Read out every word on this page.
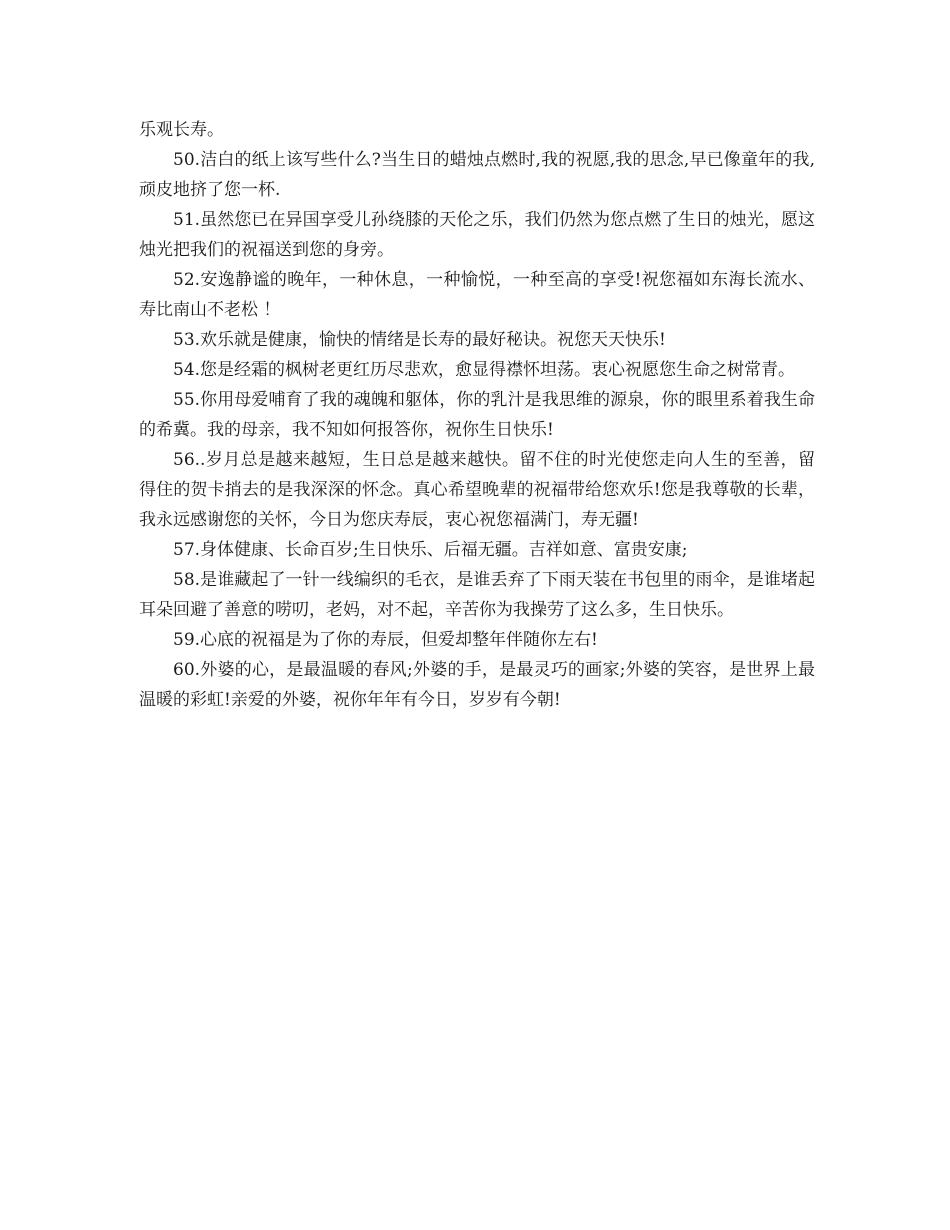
乐观长寿。

50.洁白的纸上该写些什么?当生日的蜡烛点燃时,我的祝愿,我的思念,早已像童年的我,顽皮地挤了您一杯.

51.虽然您已在异国享受儿孙绕膝的天伦之乐，我们仍然为您点燃了生日的烛光，愿这烛光把我们的祝福送到您的身旁。

52.安逸静谧的晚年，一种休息，一种愉悦，一种至高的享受!祝您福如东海长流水、寿比南山不老松 ！

53.欢乐就是健康，愉快的情绪是长寿的最好秘诀。祝您天天快乐!

54.您是经霜的枫树老更红历尽悲欢，愈显得襟怀坦荡。衷心祝愿您生命之树常青。

55.你用母爱哺育了我的魂魄和躯体，你的乳汁是我思维的源泉，你的眼里系着我生命的希冀。我的母亲，我不知如何报答你，祝你生日快乐!

56..岁月总是越来越短，生日总是越来越快。留不住的时光使您走向人生的至善，留得住的贺卡捎去的是我深深的怀念。真心希望晚辈的祝福带给您欢乐!您是我尊敬的长辈，我永远感谢您的关怀，今日为您庆寿辰，衷心祝您福满门，寿无疆!

57.身体健康、长命百岁;生日快乐、后福无疆。吉祥如意、富贵安康;

58.是谁藏起了一针一线编织的毛衣，是谁丢弃了下雨天装在书包里的雨伞，是谁堵起耳朵回避了善意的唠叨，老妈，对不起，辛苦你为我操劳了这么多，生日快乐。

59.心底的祝福是为了你的寿辰，但爱却整年伴随你左右!

60.外婆的心，是最温暖的春风;外婆的手，是最灵巧的画家;外婆的笑容，是世界上最温暖的彩虹!亲爱的外婆，祝你年年有今日，岁岁有今朝!
